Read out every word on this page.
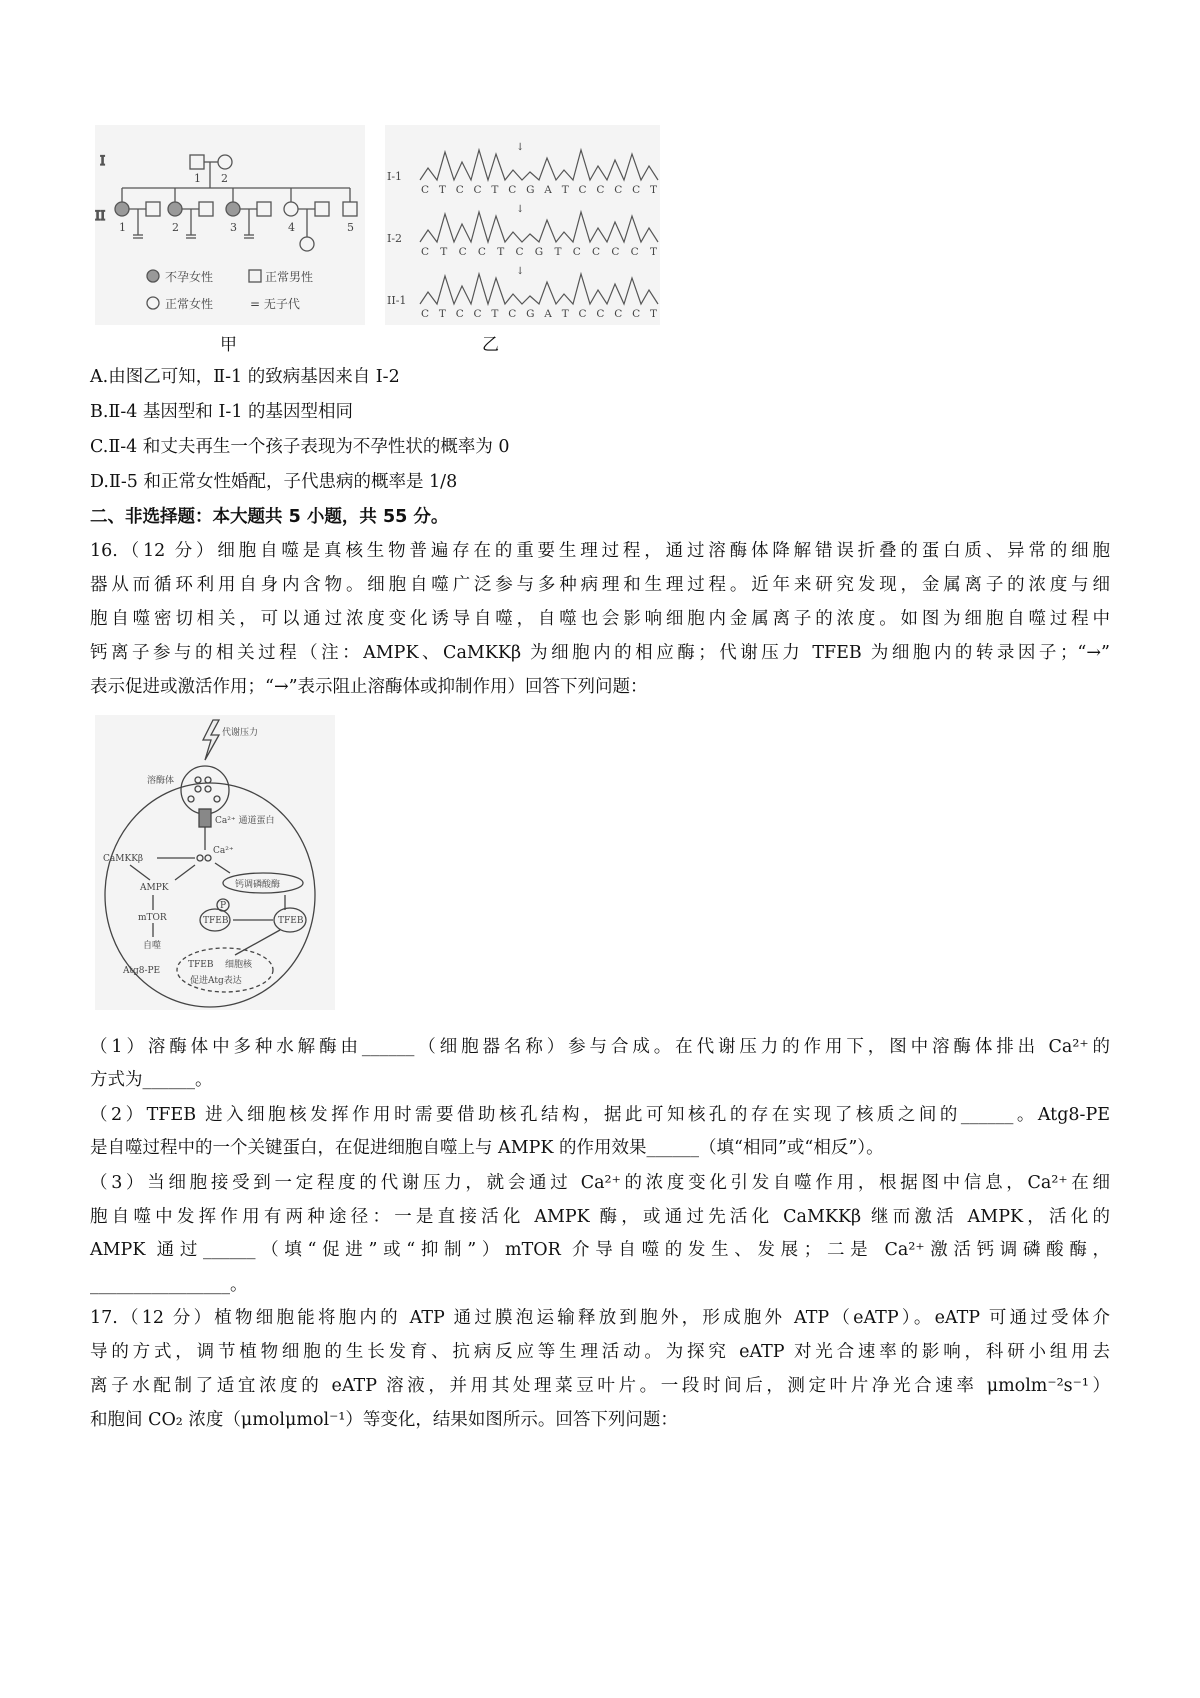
I
II
1 2
1	2	3	4	5
不孕女性	正常男性
正常女性	= 无子代
甲
I-1
↓
C T C C T C G A T C C C C T
I-2
↓
C T C C T C G T C C C C T
II-1
↓
C T C C T C G A T C C C C T
乙
A.由图乙可知，Ⅱ-1 的致病基因来自 I-2
B.Ⅱ-4 基因型和 I-1 的基因型相同
C.Ⅱ-4 和丈夫再生一个孩子表现为不孕性状的概率为 0
D.Ⅱ-5 和正常女性婚配，子代患病的概率是 1/8
二、非选择题：本大题共 5 小题，共 55 分。
16.（12 分）细胞自噬是真核生物普遍存在的重要生理过程，通过溶酶体降解错误折叠的蛋白质、异常的细胞
器从而循环利用自身内含物。细胞自噬广泛参与多种病理和生理过程。近年来研究发现，金属离子的浓度与细
胞自噬密切相关，可以通过浓度变化诱导自噬，自噬也会影响细胞内金属离子的浓度。如图为细胞自噬过程中
钙离子参与的相关过程（注：AMPK、CaMKKβ 为细胞内的相应酶；代谢压力 TFEB 为细胞内的转录因子；“→”
表示促进或激活作用；“→”表示阻止溶酶体或抑制作用）回答下列问题：
代谢压力
溶酶体
Ca²⁺ 通道蛋白
Ca²⁺
CaMKKβ
AMPK	钙调磷酸酶
mTOR
自噬
P
TFEB	TFEB
TFEB 细胞核
促进Atg表达
Atg8-PE
（1）溶酶体中多种水解酶由______（细胞器名称）参与合成。在代谢压力的作用下，图中溶酶体排出 Ca²⁺的
方式为______。
（2）TFEB 进入细胞核发挥作用时需要借助核孔结构，据此可知核孔的存在实现了核质之间的______。Atg8-PE
是自噬过程中的一个关键蛋白，在促进细胞自噬上与 AMPK 的作用效果______（填“相同”或“相反”）。
（3）当细胞接受到一定程度的代谢压力，就会通过 Ca²⁺的浓度变化引发自噬作用，根据图中信息，Ca²⁺在细
胞自噬中发挥作用有两种途径：一是直接活化 AMPK 酶，或通过先活化 CaMKKβ 继而激活 AMPK，活化的
AMPK 通过______（填“促进”或“抑制”）mTOR 介导自噬的发生、发展；二是 Ca²⁺激活钙调磷酸酶，
________________。
17.（12 分）植物细胞能将胞内的 ATP 通过膜泡运输释放到胞外，形成胞外 ATP（eATP）。eATP 可通过受体介
导的方式，调节植物细胞的生长发育、抗病反应等生理活动。为探究 eATP 对光合速率的影响，科研小组用去
离子水配制了适宜浓度的 eATP 溶液，并用其处理菜豆叶片。一段时间后，测定叶片净光合速率 μmolm⁻²s⁻¹）
和胞间 CO₂ 浓度（μmolμmol⁻¹）等变化，结果如图所示。回答下列问题：
